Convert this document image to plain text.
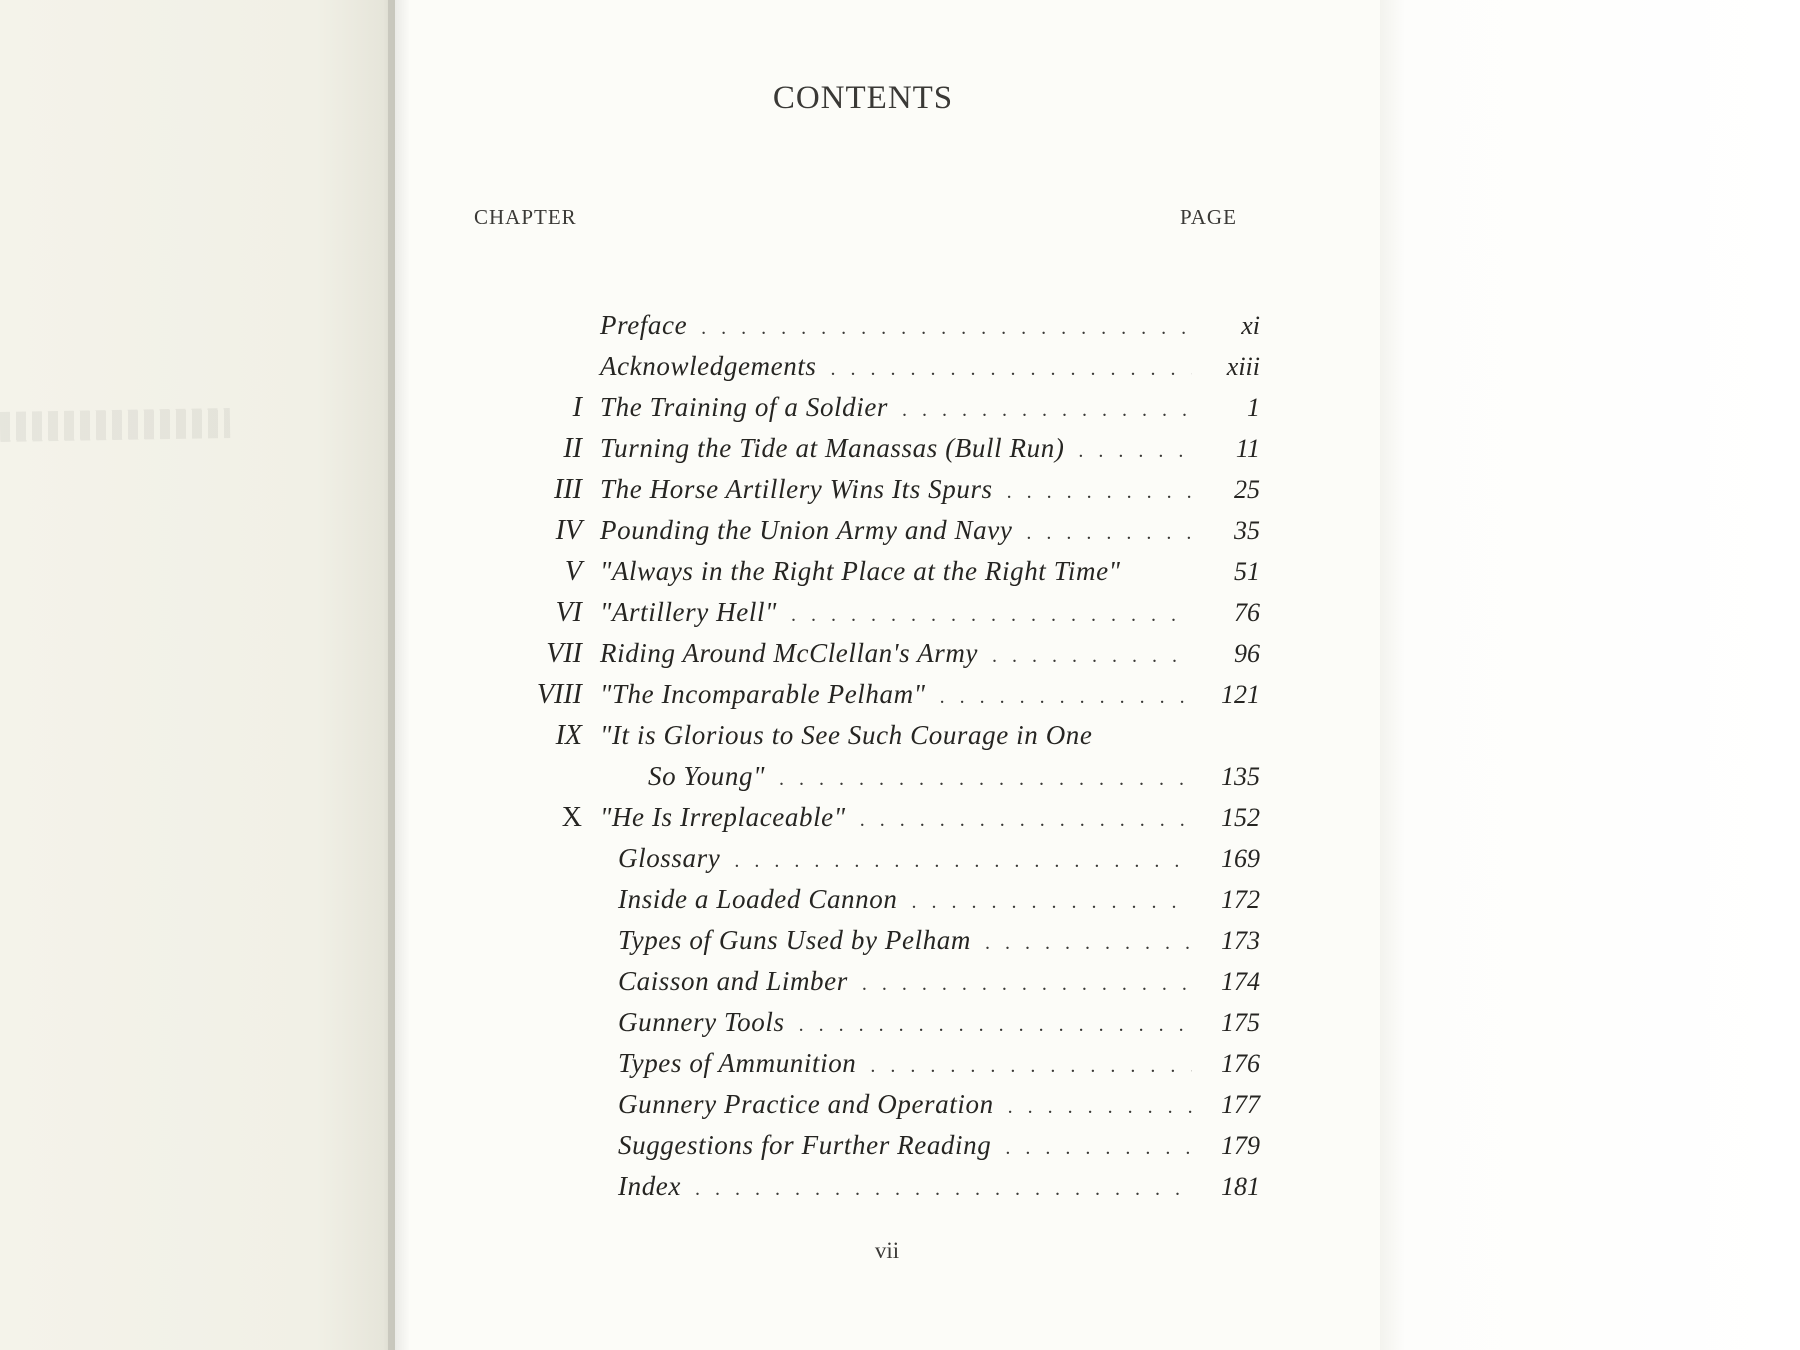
CONTENTS
CHAPTER	PAGE
Preface . . .	xi
Acknowledgements . . .	xiii
I The Training of a Soldier . . .	1
II Turning the Tide at Manassas (Bull Run) . . .	11
III The Horse Artillery Wins Its Spurs . . .	25
IV Pounding the Union Army and Navy . . .	35
V "Always in the Right Place at the Right Time"	51
VI "Artillery Hell" . . .	76
VII Riding Around McClellan's Army . . .	96
VIII "The Incomparable Pelham" . . .	121
IX "It is Glorious to See Such Courage in One
So Young" . . .	135
X "He Is Irreplaceable" . . .	152
Glossary . . .	169
Inside a Loaded Cannon . . .	172
Types of Guns Used by Pelham . . .	173
Caisson and Limber . . .	174
Gunnery Tools . . .	175
Types of Ammunition . . .	176
Gunnery Practice and Operation . . .	177
Suggestions for Further Reading . . .	179
Index . . .	181
vii
